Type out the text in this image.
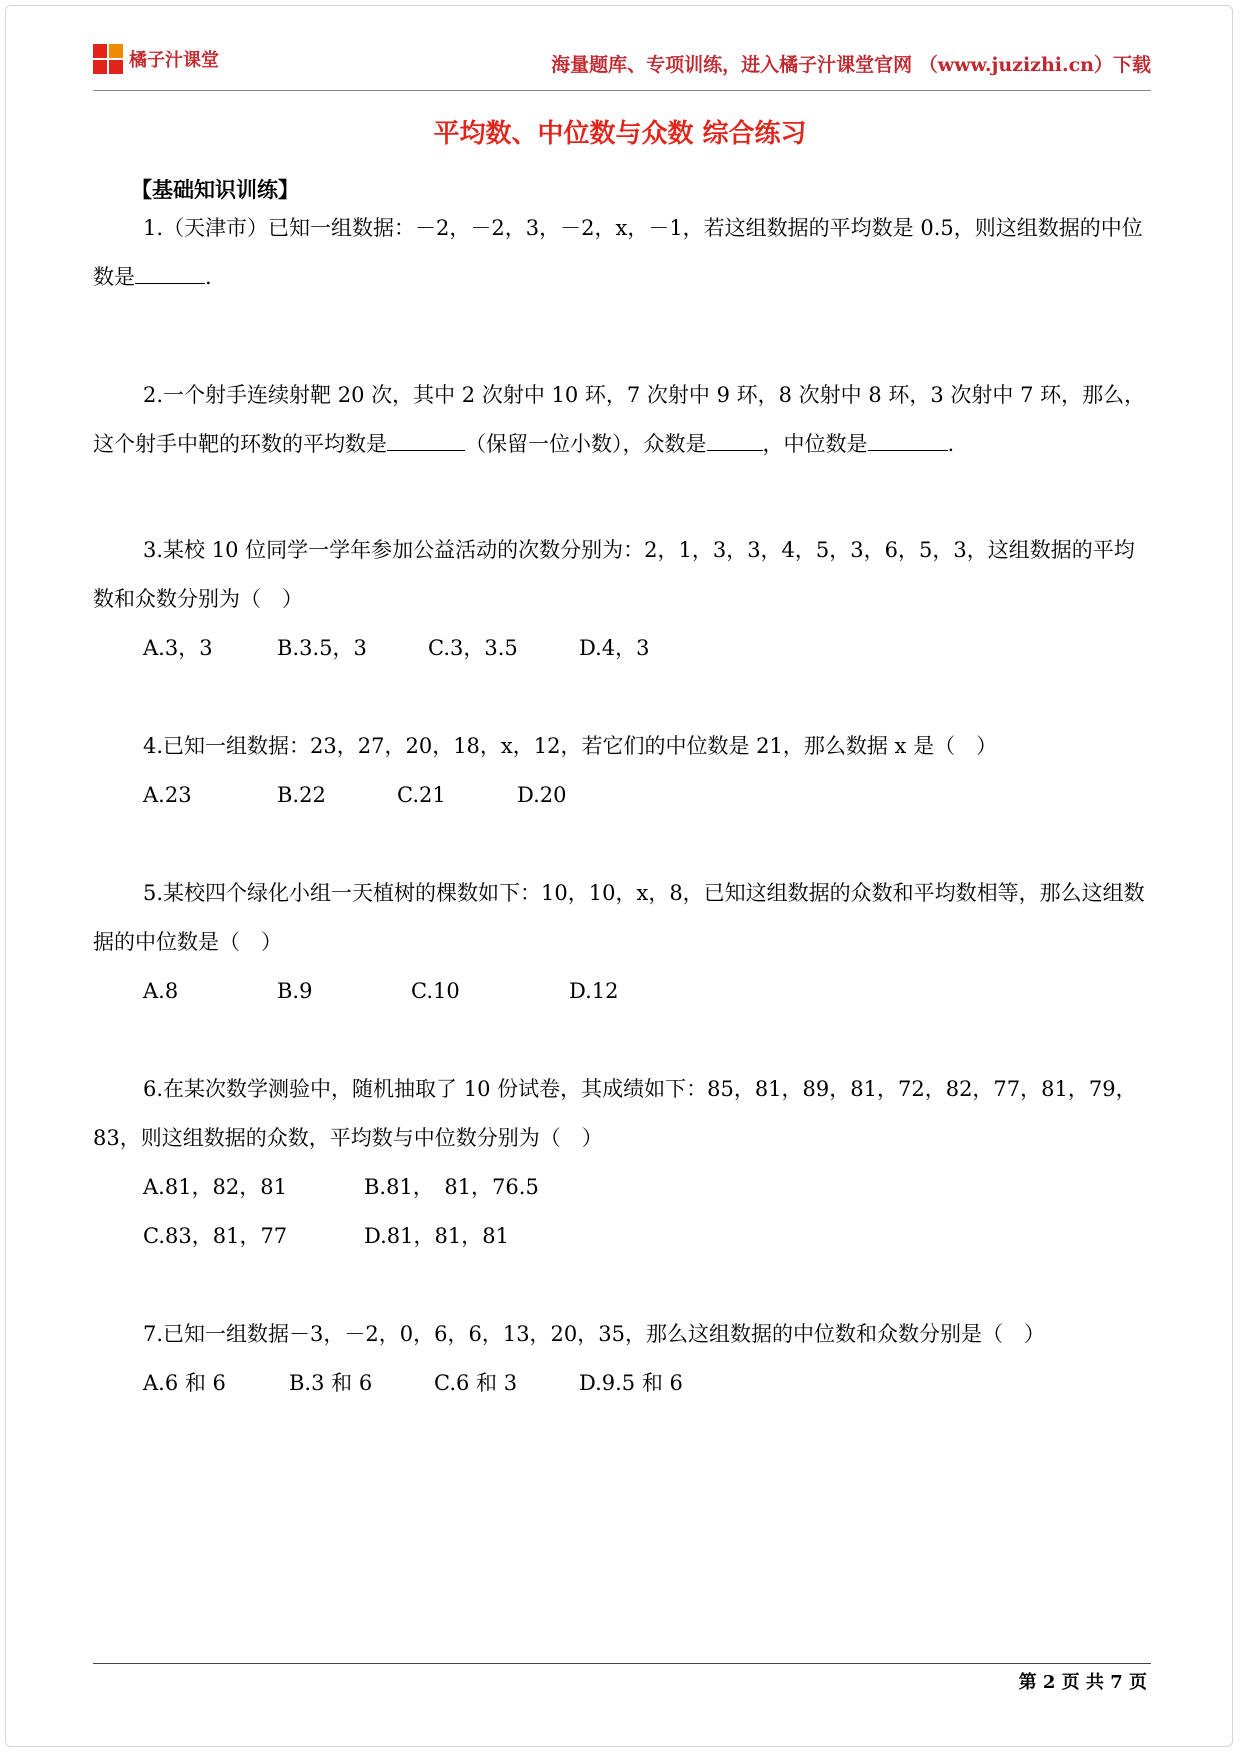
橘子汁课堂	海量题库、专项训练，进入橘子汁课堂官网 （www.juzizhi.cn）下载
平均数、中位数与众数 综合练习
【基础知识训练】

1.（天津市）已知一组数据：－2，－2，3，－2，x，－1，若这组数据的平均数是 0.5，则这组数据的中位数是	.

2.一个射手连续射靶 20 次，其中 2 次射中 10 环，7 次射中 9 环，8 次射中 8 环，3 次射中 7 环，那么，这个射手中靶的环数的平均数是	（保留一位小数），众数是	，中位数是	.

3.某校 10 位同学一学年参加公益活动的次数分别为：2，1，3，3，4，5，3，6，5，3，这组数据的平均数和众数分别为（　）

A.3，3	B.3.5，3	C.3，3.5	D.4，3

4.已知一组数据：23，27，20，18，x，12，若它们的中位数是 21，那么数据 x 是（　）

A.23	B.22	C.21	D.20

5.某校四个绿化小组一天植树的棵数如下：10，10，x，8，已知这组数据的众数和平均数相等，那么这组数据的中位数是（　）

A.8	B.9	C.10	D.12

6.在某次数学测验中，随机抽取了 10 份试卷，其成绩如下：85，81，89，81，72，82，77，81，79，83，则这组数据的众数，平均数与中位数分别为（　）

A.81，82，81	B.81，　81，76.5
C.83，81，77	D.81，81，81

7.已知一组数据－3，－2，0，6，6，13，20，35，那么这组数据的中位数和众数分别是（　）

A.6 和 6	B.3 和 6	C.6 和 3	D.9.5 和 6
第 2 页 共 7 页
